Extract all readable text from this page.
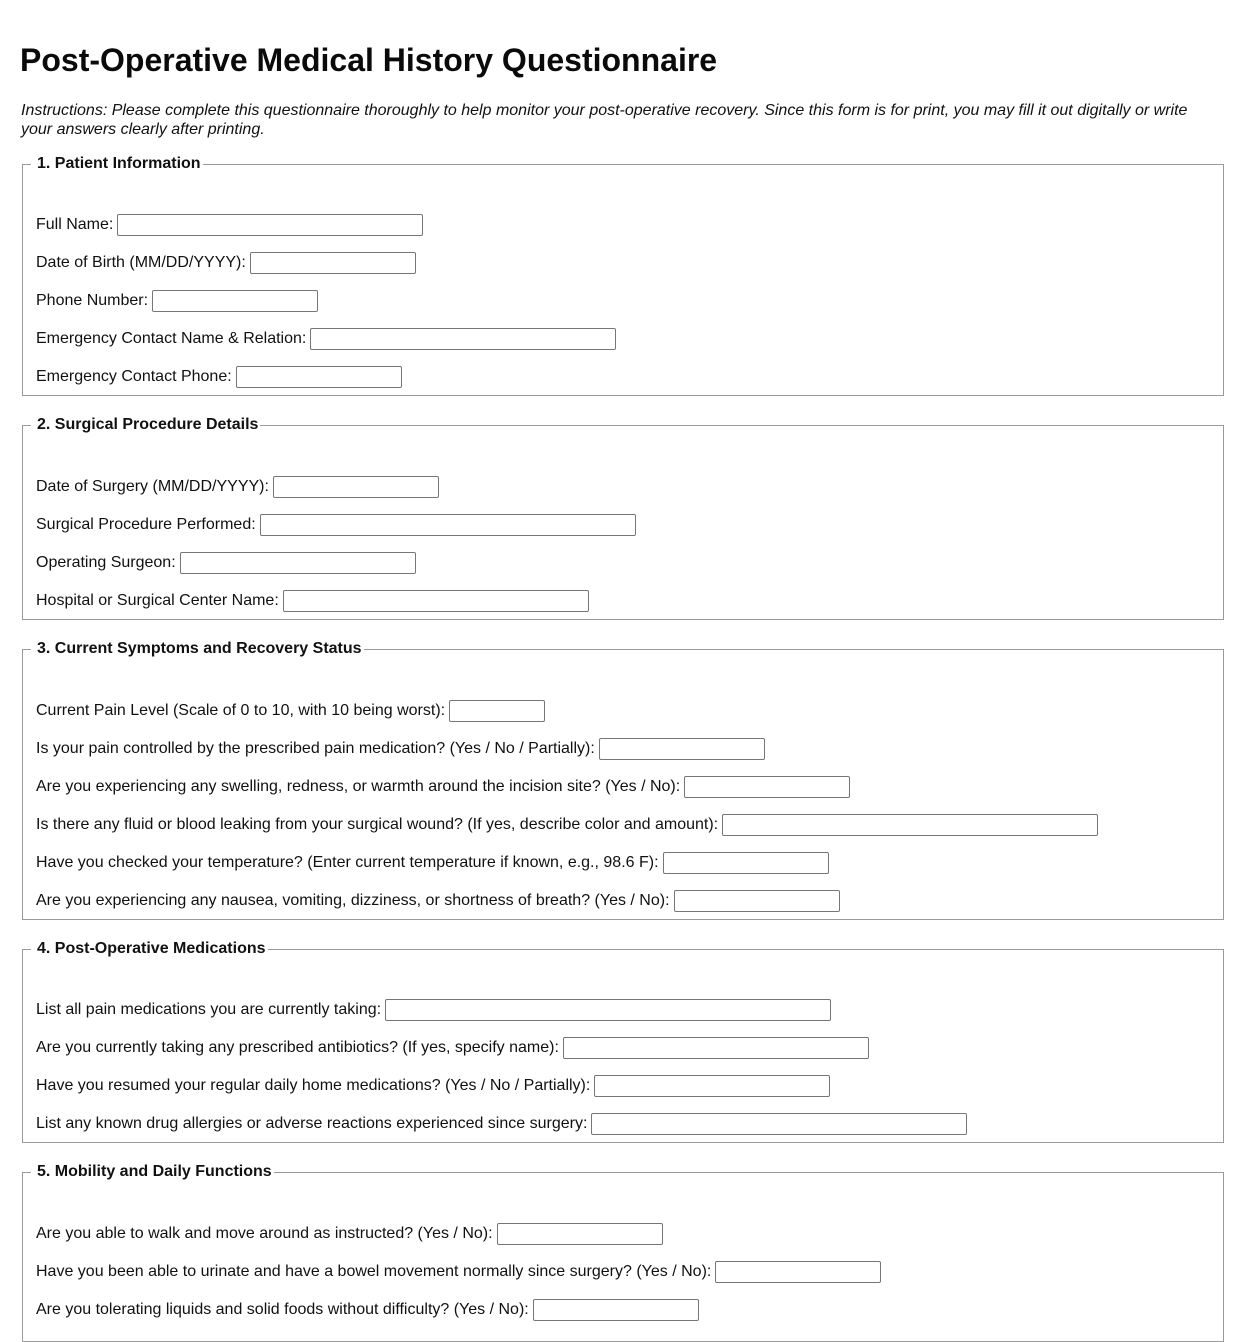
Post-Operative Medical History Questionnaire

Instructions: Please complete this questionnaire thoroughly to help monitor your post-operative recovery. Since this form is for print, you may fill it out digitally or write your answers clearly after printing.

1. Patient Information
Full Name:
Date of Birth (MM/DD/YYYY):
Phone Number:
Emergency Contact Name & Relation:
Emergency Contact Phone:
2. Surgical Procedure Details
Date of Surgery (MM/DD/YYYY):
Surgical Procedure Performed:
Operating Surgeon:
Hospital or Surgical Center Name:
3. Current Symptoms and Recovery Status
Current Pain Level (Scale of 0 to 10, with 10 being worst):
Is your pain controlled by the prescribed pain medication? (Yes / No / Partially):
Are you experiencing any swelling, redness, or warmth around the incision site? (Yes / No):
Is there any fluid or blood leaking from your surgical wound? (If yes, describe color and amount):
Have you checked your temperature? (Enter current temperature if known, e.g., 98.6 F):
Are you experiencing any nausea, vomiting, dizziness, or shortness of breath? (Yes / No):
4. Post-Operative Medications
List all pain medications you are currently taking:
Are you currently taking any prescribed antibiotics? (If yes, specify name):
Have you resumed your regular daily home medications? (Yes / No / Partially):
List any known drug allergies or adverse reactions experienced since surgery:
5. Mobility and Daily Functions
Are you able to walk and move around as instructed? (Yes / No):
Have you been able to urinate and have a bowel movement normally since surgery? (Yes / No):
Are you tolerating liquids and solid foods without difficulty? (Yes / No):
